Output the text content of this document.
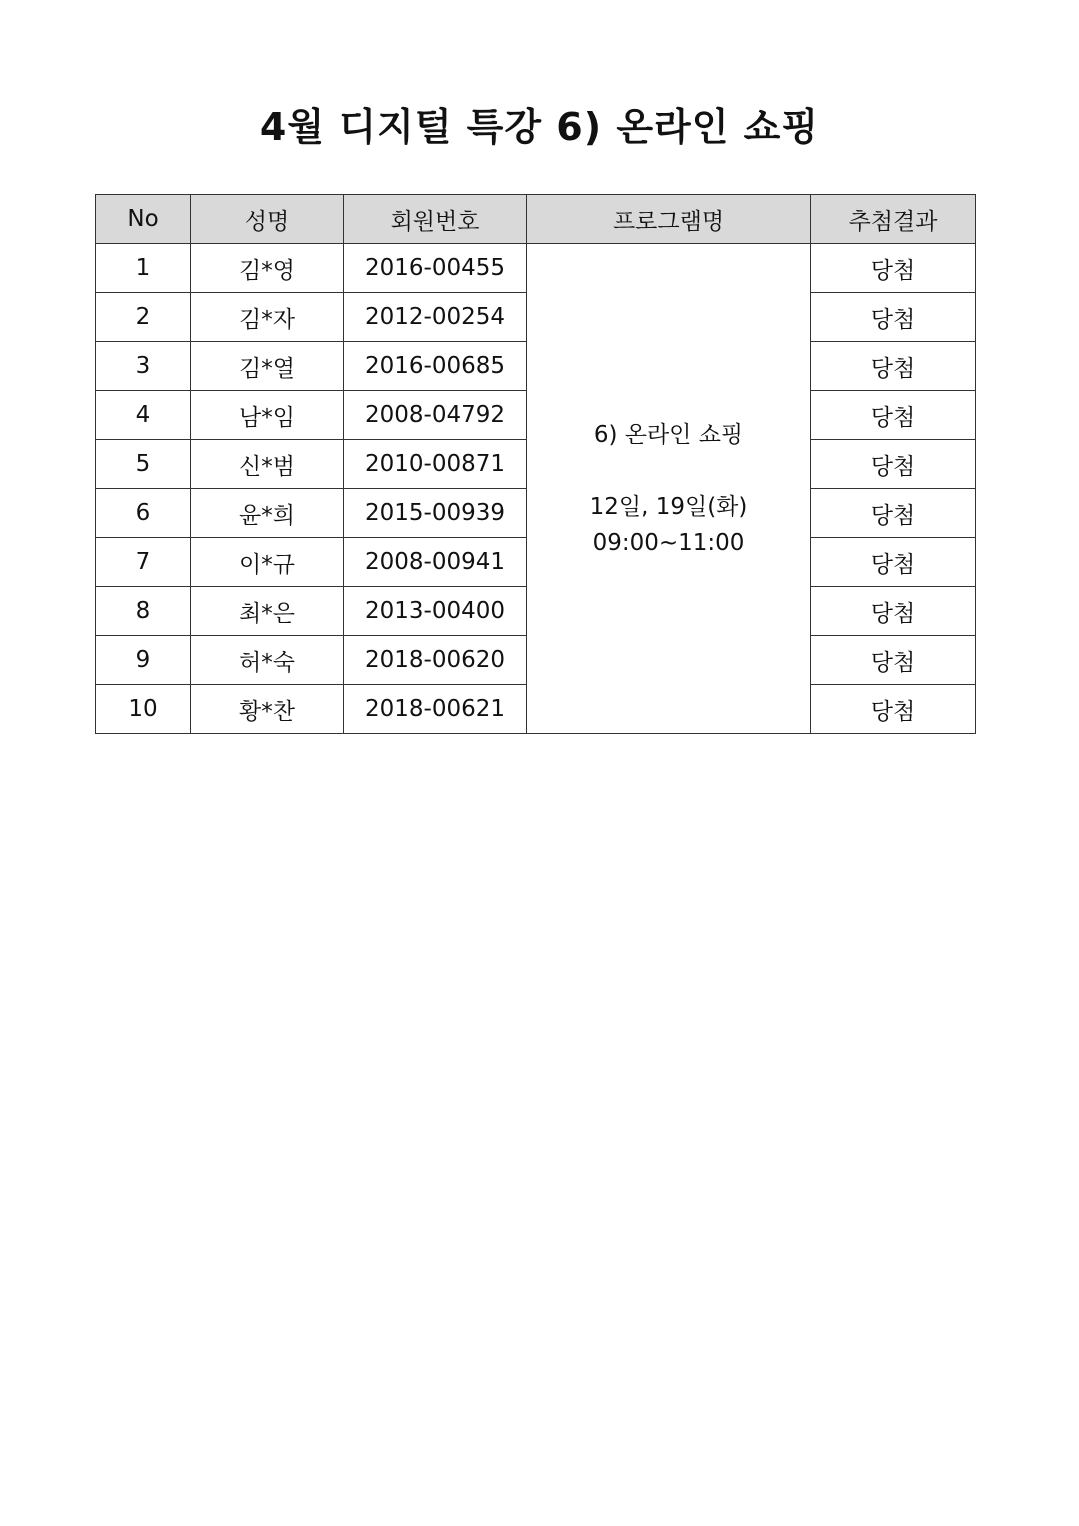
4월 디지털 특강 6) 온라인 쇼핑
No	성명	회원번호	프로그램명	추첨결과
1	김*영	2016-00455	6) 온라인 쇼핑
12일, 19일(화)
09:00~11:00	당첨
2	김*자	2012-00254		당첨
3	김*열	2016-00685		당첨
4	남*임	2008-04792		당첨
5	신*범	2010-00871		당첨
6	윤*희	2015-00939		당첨
7	이*규	2008-00941		당첨
8	최*은	2013-00400		당첨
9	허*숙	2018-00620		당첨
10	황*찬	2018-00621		당첨
